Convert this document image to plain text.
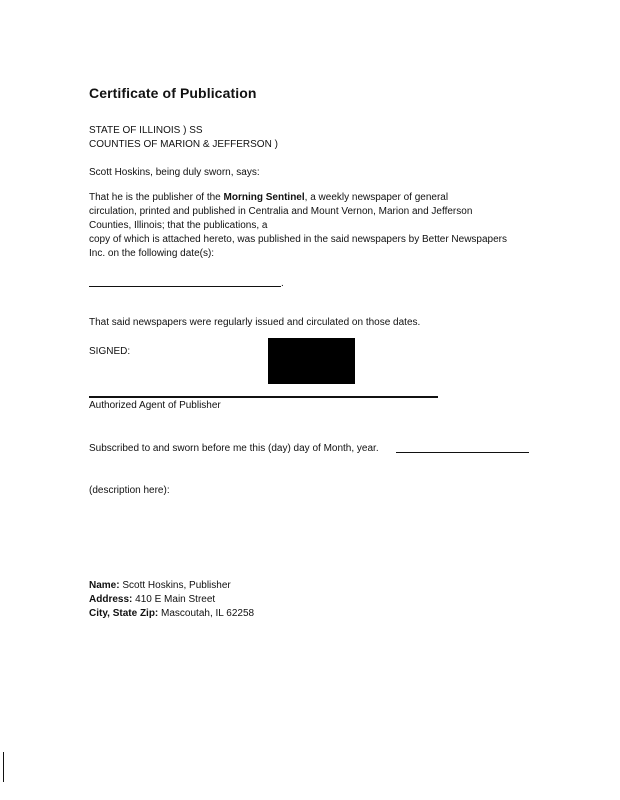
Certificate of Publication
STATE OF ILLINOIS ) SS
COUNTIES OF MARION & JEFFERSON )
Scott Hoskins, being duly sworn, says:
That he is the publisher of the Morning Sentinel, a weekly newspaper of general
circulation, printed and published in Centralia and Mount Vernon, Marion and Jefferson
Counties, Illinois; that the publications, a
copy of which is attached hereto, was published in the said newspapers by Better Newspapers
Inc. on the following date(s):
.
That said newspapers were regularly issued and circulated on those dates.
SIGNED:
Authorized Agent of Publisher
Subscribed to and sworn before me this (day) day of Month, year.
(description here):
Name: Scott Hoskins, Publisher
Address: 410 E Main Street
City, State Zip: Mascoutah, IL 62258
